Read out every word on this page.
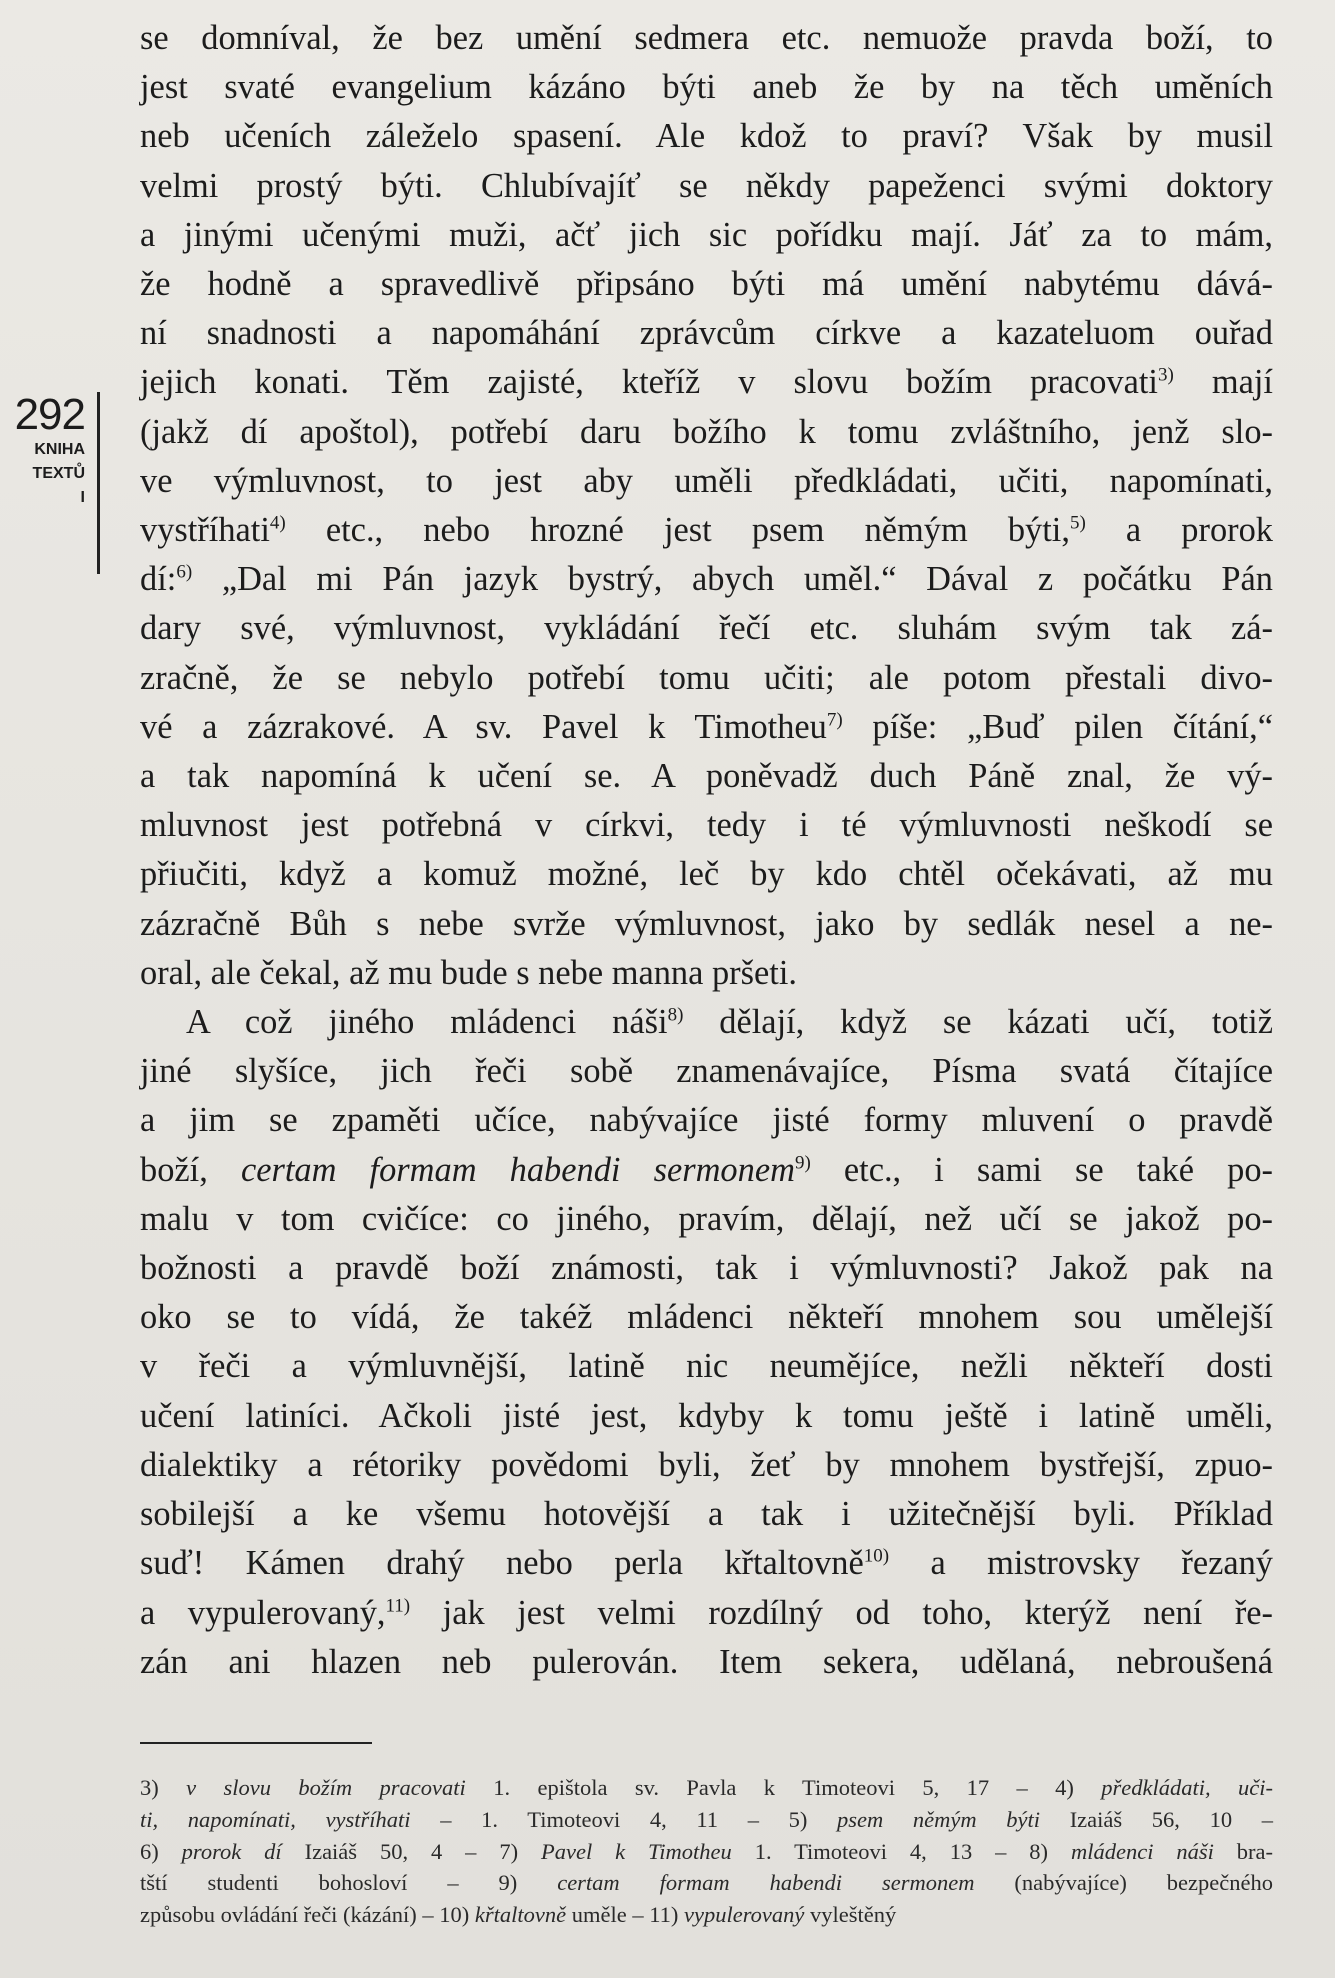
292
KNIHA
TEXTŮ
I
se domníval, že bez umění sedmera etc. nemuože pravda boží, to
jest svaté evangelium kázáno býti aneb že by na těch uměních
neb učeních záleželo spasení. Ale kdož to praví? Však by musil
velmi prostý býti. Chlubívajíť se někdy papeženci svými doktory
a jinými učenými muži, ačť jich sic pořídku mají. Jáť za to mám,
že hodně a spravedlivě připsáno býti má umění nabytému dává-
ní snadnosti a napomáhání zprávcům církve a kazateluom ouřad
jejich konati. Těm zajisté, kteříž v slovu božím pracovati$^{3)}$ mají
(jakž dí apoštol), potřebí daru božího k tomu zvláštního, jenž slo-
ve výmluvnost, to jest aby uměli předkládati, učiti, napomínati,
vystříhati$^{4)}$ etc., nebo hrozné jest psem němým býti,$^{5)}$ a prorok
dí:$^{6)}$ „Dal mi Pán jazyk bystrý, abych uměl.“ Dával z počátku Pán
dary své, výmluvnost, vykládání řečí etc. sluhám svým tak zá-
zračně, že se nebylo potřebí tomu učiti; ale potom přestali divo-
vé a zázrakové. A sv. Pavel k Timotheu$^{7)}$ píše: „Buď pilen čítání,“
a tak napomíná k učení se. A poněvadž duch Páně znal, že vý-
mluvnost jest potřebná v církvi, tedy i té výmluvnosti neškodí se
přiučiti, když a komuž možné, leč by kdo chtěl očekávati, až mu
zázračně Bůh s nebe svrže výmluvnost, jako by sedlák nesel a ne-
oral, ale čekal, až mu bude s nebe manna pršeti.
A což jiného mládenci náši$^{8)}$ dělají, když se kázati učí, totiž
jiné slyšíce, jich řeči sobě znamenávajíce, Písma svatá čítajíce
a jim se zpaměti učíce, nabývajíce jisté formy mluvení o pravdě
boží, certam formam habendi sermonem$^{9)}$ etc., i sami se také po-
malu v tom cvičíce: co jiného, pravím, dělají, než učí se jakož po-
božnosti a pravdě boží známosti, tak i výmluvnosti? Jakož pak na
oko se to vídá, že takéž mládenci někteří mnohem sou umělejší
v řeči a výmluvnější, latině nic neumějíce, nežli někteří dosti
učení latiníci. Ačkoli jisté jest, kdyby k tomu ještě i latině uměli,
dialektiky a rétoriky povědomi byli, žeť by mnohem bystřejší, zpuo-
sobilejší a ke všemu hotovější a tak i užitečnější byli. Příklad
suď! Kámen drahý nebo perla křtaltovně$^{10)}$ a mistrovsky řezaný
a vypulerovaný,$^{11)}$ jak jest velmi rozdílný od toho, kterýž není ře-
zán ani hlazen neb pulerován. Item sekera, udělaná, nebroušená
3) v slovu božím pracovati 1. epištola sv. Pavla k Timoteovi 5, 17 – 4) předkládati, uči-
ti, napomínati, vystříhati – 1. Timoteovi 4, 11 – 5) psem němým býti Izaiáš 56, 10 –
6) prorok dí Izaiáš 50, 4 – 7) Pavel k Timotheu 1. Timoteovi 4, 13 – 8) mládenci náši bra-
tští studenti bohosloví – 9) certam formam habendi sermonem (nabývajíce) bezpečného
způsobu ovládání řeči (kázání) – 10) křtaltovně uměle – 11) vypulerovaný vyleštěný
